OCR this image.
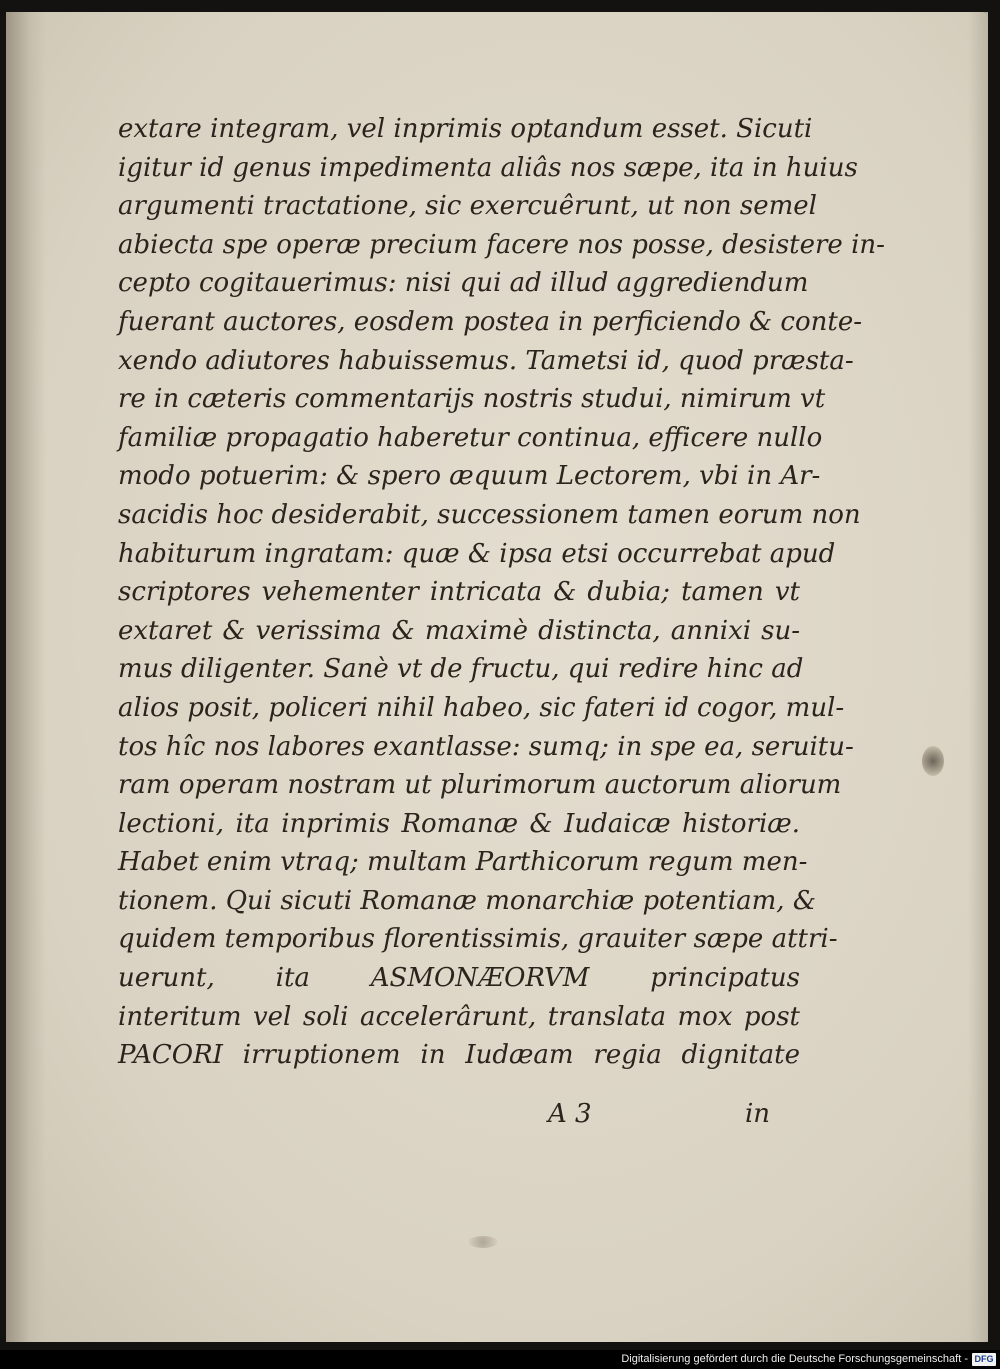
extare integram, vel inprimis optandum esset. Sicuti
igitur id genus impedimenta aliâs nos sæpe, ita in huius
argumenti tractatione, sic exercuêrunt, ut non semel
abiecta spe operæ precium facere nos posse, desistere in-
cepto cogitauerimus: nisi qui ad illud aggrediendum
fuerant auctores, eosdem postea in perficiendo & conte-
xendo adiutores habuissemus. Tametsi id, quod præsta-
re in cæteris commentarijs nostris studui, nimirum vt
familiæ propagatio haberetur continua, efficere nullo
modo potuerim: & spero æquum Lectorem, vbi in Ar-
sacidis hoc desiderabit, successionem tamen eorum non
habiturum ingratam: quæ & ipsa etsi occurrebat apud
scriptores vehementer intricata & dubia; tamen vt
extaret & verissima & maximè distincta, annixi su-
mus diligenter. Sanè vt de fructu, qui redire hinc ad
alios posit, policeri nihil habeo, sic fateri id cogor, mul-
tos hîc nos labores exantlasse: sumq; in spe ea, seruitu-
ram operam nostram ut plurimorum auctorum aliorum
lectioni, ita inprimis Romanæ & Iudaicæ historiæ.
Habet enim vtraq; multam Parthicorum regum men-
tionem. Qui sicuti Romanæ monarchiæ potentiam, &
quidem temporibus florentissimis, grauiter sæpe attri-
uerunt, ita ASMONÆORVM principatus
interitum vel soli accelerârunt, translata mox post
PACORI irruptionem in Iudæam regia dignitate
A 3	in
Digitalisierung gefördert durch die Deutsche Forschungsgemeinschaft - DFG
